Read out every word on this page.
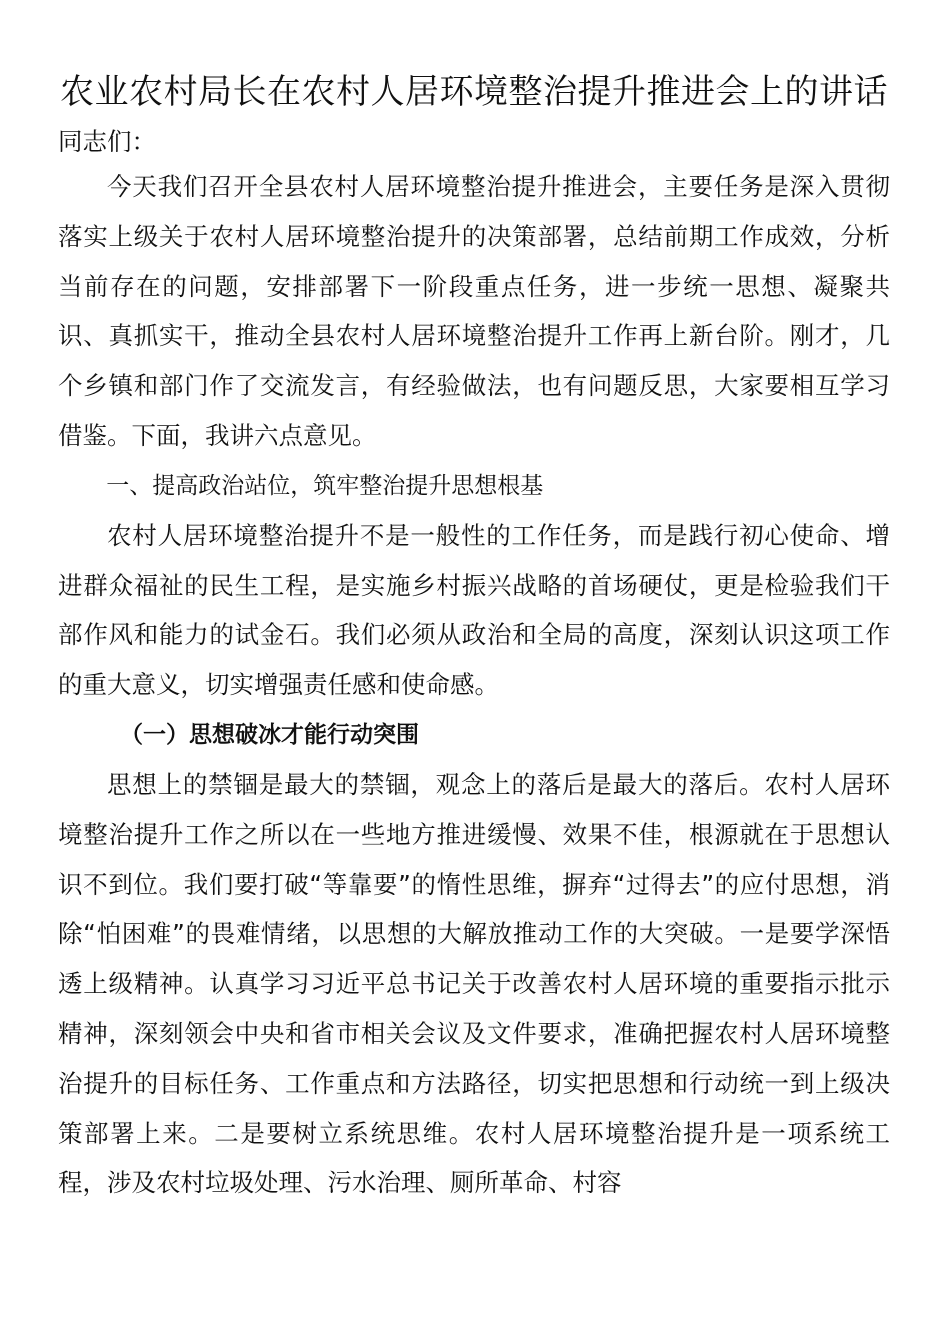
农业农村局长在农村人居环境整治提升推进会上的讲话

同志们：

今天我们召开全县农村人居环境整治提升推进会，主要任务是深入贯彻落实上级关于农村人居环境整治提升的决策部署，总结前期工作成效，分析当前存在的问题，安排部署下一阶段重点任务，进一步统一思想、凝聚共识、真抓实干，推动全县农村人居环境整治提升工作再上新台阶。刚才，几个乡镇和部门作了交流发言，有经验做法，也有问题反思，大家要相互学习借鉴。下面，我讲六点意见。

一、提高政治站位，筑牢整治提升思想根基

农村人居环境整治提升不是一般性的工作任务，而是践行初心使命、增进群众福祉的民生工程，是实施乡村振兴战略的首场硬仗，更是检验我们干部作风和能力的试金石。我们必须从政治和全局的高度，深刻认识这项工作的重大意义，切实增强责任感和使命感。

（一）思想破冰才能行动突围

思想上的禁锢是最大的禁锢，观念上的落后是最大的落后。农村人居环境整治提升工作之所以在一些地方推进缓慢、效果不佳，根源就在于思想认识不到位。我们要打破“等靠要”的惰性思维，摒弃“过得去”的应付思想，消除“怕困难”的畏难情绪，以思想的大解放推动工作的大突破。一是要学深悟透上级精神。认真学习习近平总书记关于改善农村人居环境的重要指示批示精神，深刻领会中央和省市相关会议及文件要求，准确把握农村人居环境整治提升的目标任务、工作重点和方法路径，切实把思想和行动统一到上级决策部署上来。二是要树立系统思维。农村人居环境整治提升是一项系统工程，涉及农村垃圾处理、污水治理、厕所革命、村容
